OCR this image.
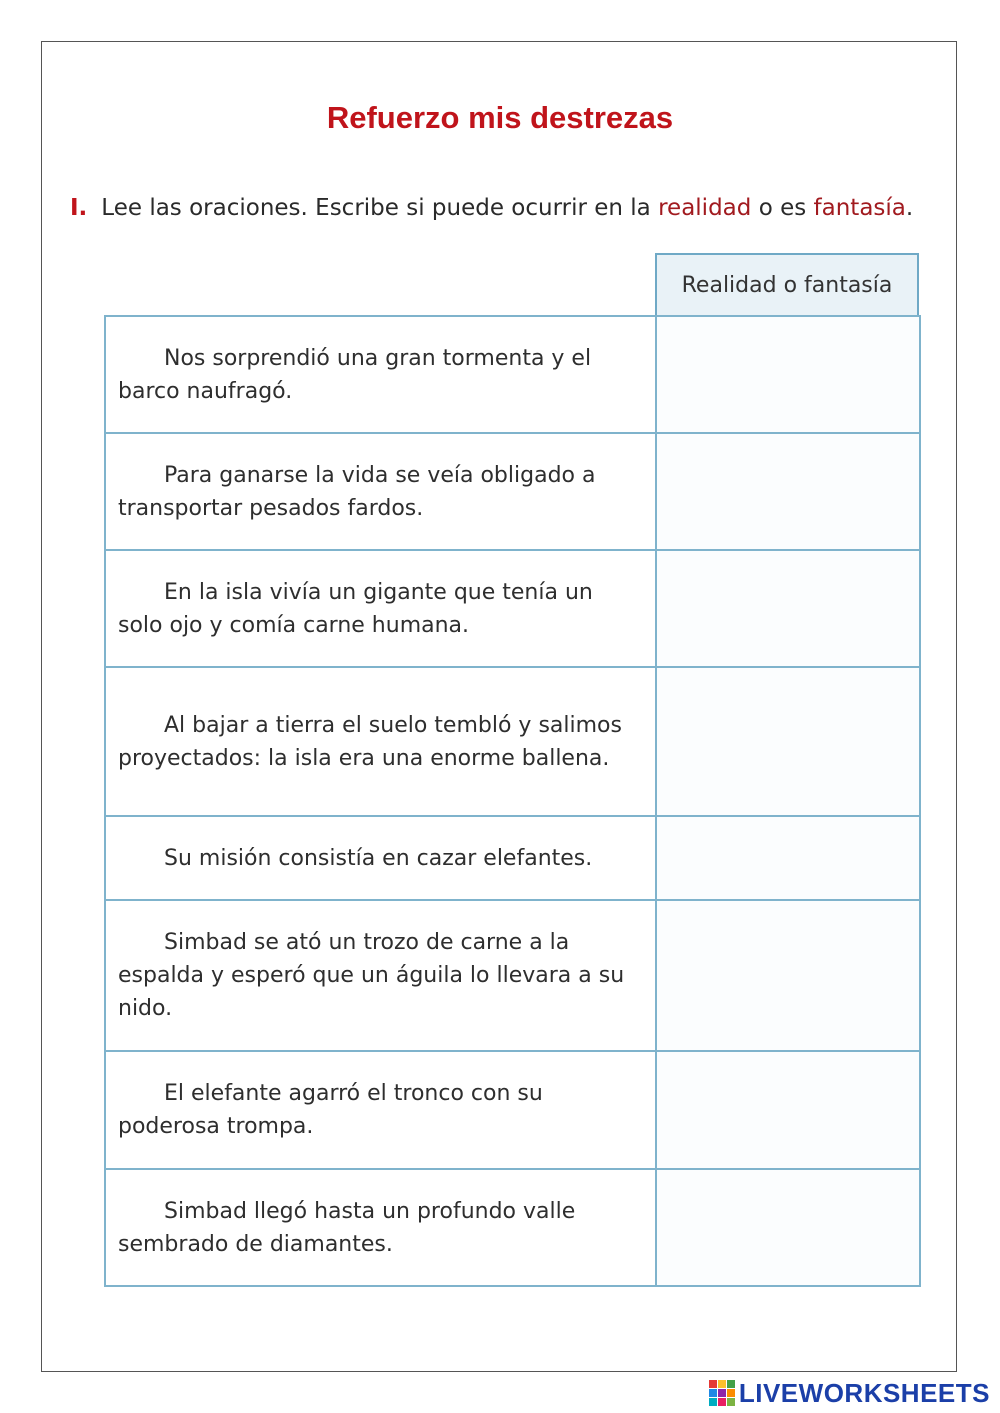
Refuerzo mis destrezas
I. Lee las oraciones. Escribe si puede ocurrir en la realidad o es fantasía.
Realidad o fantasía
Nos sorprendió una gran tormenta y el barco naufragó.	

Para ganarse la vida se veía obligado a transportar pesados fardos.	

En la isla vivía un gigante que tenía un solo ojo y comía carne humana.	

Al bajar a tierra el suelo tembló y salimos proyectados: la isla era una enorme ballena.	

Su misión consistía en cazar elefantes.	

Simbad se ató un trozo de carne a la espalda y esperó que un águila lo llevara a su nido.	

El elefante agarró el tronco con su poderosa trompa.	

Simbad llegó hasta un profundo valle sembrado de diamantes.	

LIVEWORKSHEETS
